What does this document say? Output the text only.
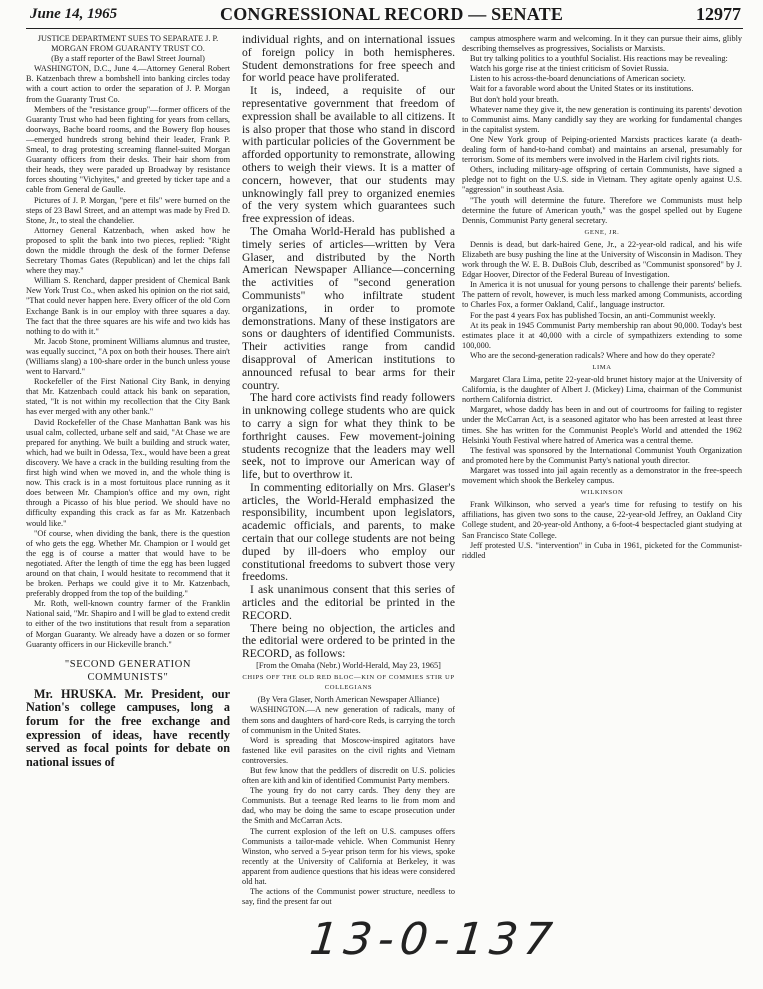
June 14, 1965	CONGRESSIONAL RECORD — SENATE	12977

JUSTICE DEPARTMENT SUES TO SEPARATE J. P. MORGAN FROM GUARANTY TRUST CO.

(By a staff reporter of the Bawl Street Journal)

WASHINGTON, D.C., June 4.—Attorney General Robert B. Katzenbach threw a bombshell into banking circles today with a court action to order the separation of J. P. Morgan from the Guaranty Trust Co.

Members of the "resistance group"—former officers of the Guaranty Trust who had been fighting for years from cellars, doorways, Bache board rooms, and the Bowery flop houses—emerged hundreds strong behind their leader, Frank P. Smeal, to drag protesting screaming flannel-suited Morgan Guaranty officers from their desks. Their hair shorn from their heads, they were paraded up Broadway by resistance forces shouting "Vichyites," and greeted by ticker tape and a cable from General de Gaulle.

Pictures of J. P. Morgan, "pere et fils" were burned on the steps of 23 Bawl Street, and an attempt was made by Fred D. Stone, Jr., to steal the chandelier.

Attorney General Katzenbach, when asked how he proposed to split the bank into two pieces, replied: "Right down the middle through the desk of the former Defense Secretary Thomas Gates (Republican) and let the chips fall where they may."

William S. Renchard, dapper president of Chemical Bank New York Trust Co., when asked his opinion on the riot said, "That could never happen here. Every officer of the old Corn Exchange Bank is in our employ with three squares a day. The fact that the three squares are his wife and two kids has nothing to do with it."

Mr. Jacob Stone, prominent Williams alumnus and trustee, was equally succinct, "A pox on both their houses. There ain't (Williams slang) a 100-share order in the bunch unless youse went to Harvard."

Rockefeller of the First National City Bank, in denying that Mr. Katzenbach could attack his bank on separation, stated, "It is not within my recollection that the City Bank has ever merged with any other bank."

David Rockefeller of the Chase Manhattan Bank was his usual calm, collected, urbane self and said, "At Chase we are prepared for anything. We built a building and struck water, which, had we built in Odessa, Tex., would have been a great discovery. We have a crack in the building resulting from the first high wind when we moved in, and the whole thing is now. This crack is in a most fortuitous place running as it does between Mr. Champion's office and my own, right through a Picasso of his blue period. We should have no difficulty expanding this crack as far as Mr. Katzenbach would like."

"Of course, when dividing the bank, there is the question of who gets the egg. Whether Mr. Champion or I would get the egg is of course a matter that would have to be negotiated. After the length of time the egg has been lugged around on that chain, I would hesitate to recommend that it be broken. Perhaps we could give it to Mr. Katzenbach, preferably dropped from the top of the building."

Mr. Roth, well-known country farmer of the Franklin National said, "Mr. Shapiro and I will be glad to extend credit to either of the two institutions that result from a separation of Morgan Guaranty. We already have a dozen or so former Guaranty officers in our Hickeville branch."

"SECOND GENERATION COMMUNISTS"

Mr. HRUSKA. Mr. President, our Nation's college campuses, long a forum for the free exchange and expression of ideas, have recently served as focal points for debate on national issues of

individual rights, and on international issues of foreign policy in both hemispheres. Student demonstrations for free speech and for world peace have proliferated.

It is, indeed, a requisite of our representative government that freedom of expression shall be available to all citizens. It is also proper that those who stand in discord with particular policies of the Government be afforded opportunity to remonstrate, allowing others to weigh their views. It is a matter of concern, however, that our students may unknowingly fall prey to organized enemies of the very system which guarantees such free expression of ideas.

The Omaha World-Herald has published a timely series of articles—written by Vera Glaser, and distributed by the North American Newspaper Alliance—concerning the activities of "second generation Communists" who infiltrate student organizations, in order to promote demonstrations. Many of these instigators are sons or daughters of identified Communists. Their activities range from candid disapproval of American institutions to announced refusal to bear arms for their country.

The hard core activists find ready followers in unknowing college students who are quick to carry a sign for what they think to be forthright causes. Few movement-joining students recognize that the leaders may well seek, not to improve our American way of life, but to overthrow it.

In commenting editorially on Mrs. Glaser's articles, the World-Herald emphasized the responsibility, incumbent upon legislators, academic officials, and parents, to make certain that our college students are not being duped by ill-doers who employ our constitutional freedoms to subvert those very freedoms.

I ask unanimous consent that this series of articles and the editorial be printed in the RECORD.

There being no objection, the articles and the editorial were ordered to be printed in the RECORD, as follows:

[From the Omaha (Nebr.) World-Herald, May 23, 1965]

CHIPS OFF THE OLD RED BLOC—KIN OF COMMIES STIR UP COLLEGIANS

(By Vera Glaser, North American Newspaper Alliance)

WASHINGTON.—A new generation of radicals, many of them sons and daughters of hard-core Reds, is carrying the torch of communism in the United States.

Word is spreading that Moscow-inspired agitators have fastened like evil parasites on the civil rights and Vietnam controversies.

But few know that the peddlers of discredit on U.S. policies often are kith and kin of identified Communist Party members.

The young fry do not carry cards. They deny they are Communists. But a teenage Red learns to lie from mom and dad, who may be doing the same to escape prosecution under the Smith and McCarran Acts.

The current explosion of the left on U.S. campuses offers Communists a tailor-made vehicle. When Communist Henry Winston, who served a 5-year prison term for his views, spoke recently at the University of California at Berkeley, it was apparent from audience questions that his ideas were considered old hat.

The actions of the Communist power structure, needless to say, find the present far out

campus atmosphere warm and welcoming. In it they can pursue their aims, glibly describing themselves as progressives, Socialists or Marxists.

But try talking politics to a youthful Socialist. His reactions may be revealing:

Watch his gorge rise at the tiniest criticism of Soviet Russia.

Listen to his across-the-board denunciations of American society.

Wait for a favorable word about the United States or its institutions.

But don't hold your breath.

Whatever name they give it, the new generation is continuing its parents' devotion to Communist aims. Many candidly say they are working for fundamental changes in the capitalist system.

One New York group of Peiping-oriented Marxists practices karate (a death-dealing form of hand-to-hand combat) and maintains an arsenal, presumably for terrorism. Some of its members were involved in the Harlem civil rights riots.

Others, including military-age offspring of certain Communists, have signed a pledge not to fight on the U.S. side in Vietnam. They agitate openly against U.S. "aggression" in southeast Asia.

"The youth will determine the future. Therefore we Communists must help determine the future of American youth," was the gospel spelled out by Eugene Dennis, Communist Party general secretary.

GENE, JR.

Dennis is dead, but dark-haired Gene, Jr., a 22-year-old radical, and his wife Elizabeth are busy pushing the line at the University of Wisconsin in Madison. They work through the W. E. B. DuBois Club, described as "Communist sponsored" by J. Edgar Hoover, Director of the Federal Bureau of Investigation.

In America it is not unusual for young persons to challenge their parents' beliefs. The pattern of revolt, however, is much less marked among Communists, according to Charles Fox, a former Oakland, Calif., language instructor.

For the past 4 years Fox has published Tocsin, an anti-Communist weekly.

At its peak in 1945 Communist Party membership ran about 90,000. Today's best estimates place it at 40,000 with a circle of sympathizers extending to some 100,000.

Who are the second-generation radicals? Where and how do they operate?

LIMA

Margaret Clara Lima, petite 22-year-old brunet history major at the University of California, is the daughter of Albert J. (Mickey) Lima, chairman of the Communist northern California district.

Margaret, whose daddy has been in and out of courtrooms for failing to register under the McCarran Act, is a seasoned agitator who has been arrested at least three times. She has written for the Communist People's World and attended the 1962 Helsinki Youth Festival where hatred of America was a central theme.

The festival was sponsored by the International Communist Youth Organization and promoted here by the Communist Party's national youth director.

Margaret was tossed into jail again recently as a demonstrator in the free-speech movement which shook the Berkeley campus.

WILKINSON

Frank Wilkinson, who served a year's time for refusing to testify on his affiliations, has given two sons to the cause, 22-year-old Jeffrey, an Oakland City College student, and 20-year-old Anthony, a 6-foot-4 bespectacled giant studying at San Francisco State College.

Jeff protested U.S. "intervention" in Cuba in 1961, picketed for the Communist-riddled

13-0-137
